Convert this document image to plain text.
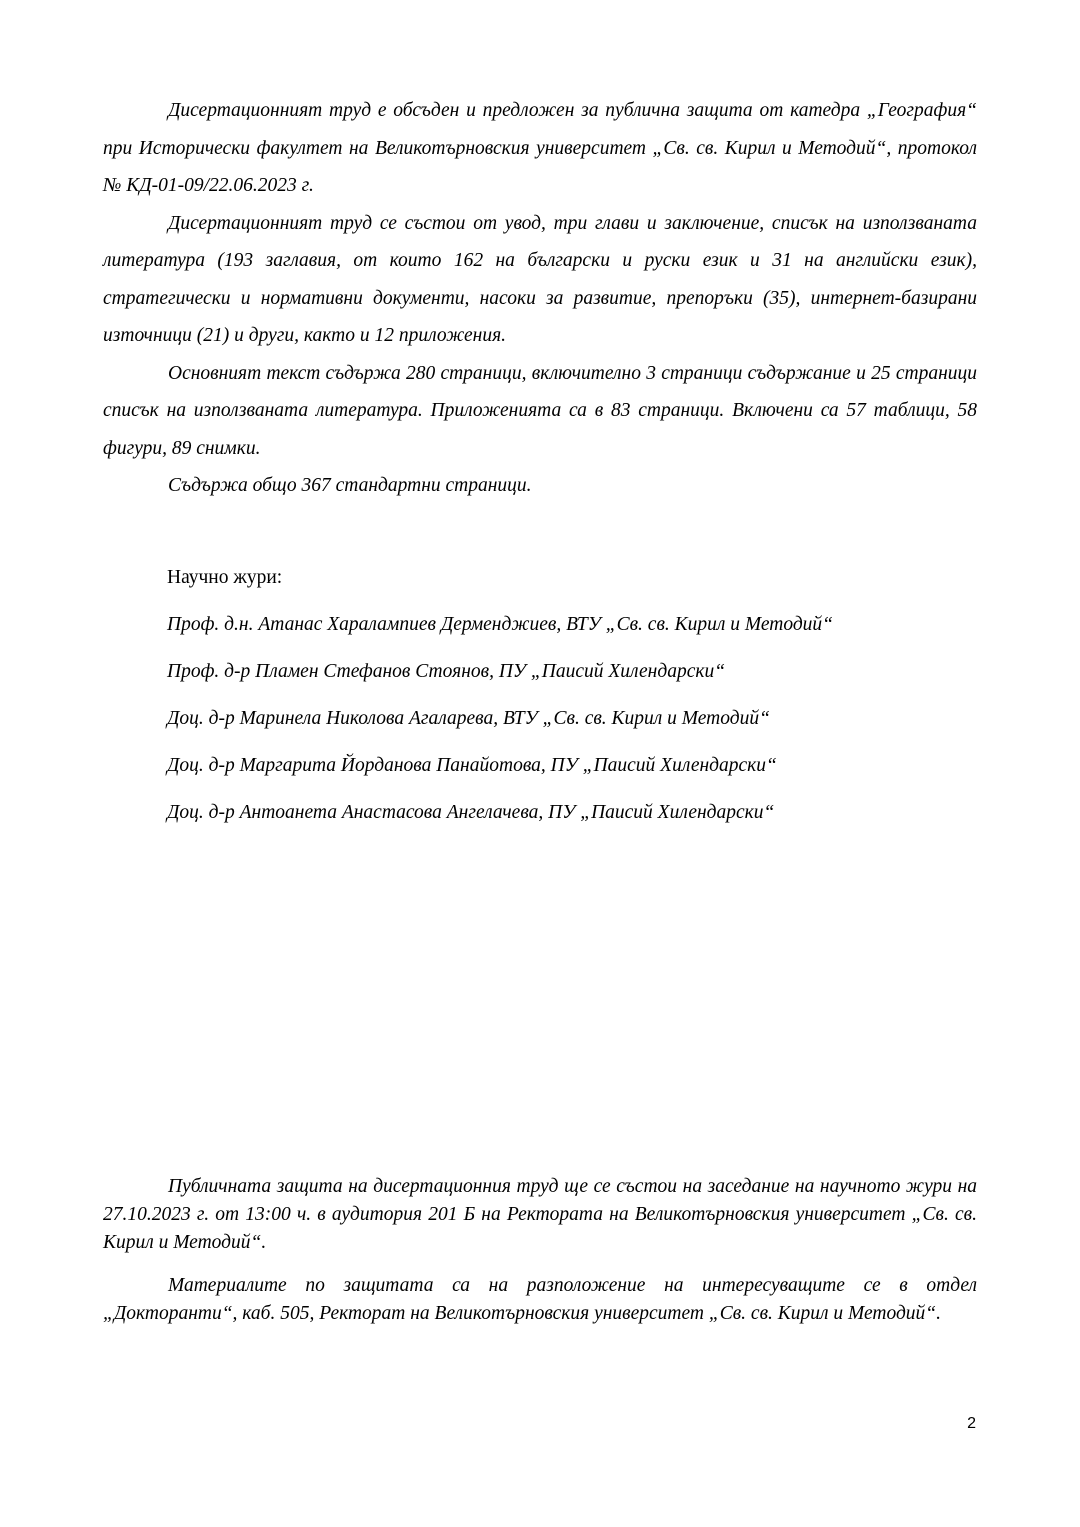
Дисертационният труд е обсъден и предложен за публична защита от катедра „География“ при Исторически факултет на Великотърновския университет „Св. св. Кирил и Методий“, протокол № КД-01-09/22.06.2023 г.

Дисертационният труд се състои от увод, три глави и заключение, списък на използваната литература (193 заглавия, от които 162 на български и руски език и 31 на английски език), стратегически и нормативни документи, насоки за развитие, препоръки (35), интернет-базирани източници (21) и други, както и 12 приложения.

Основният текст съдържа 280 страници, включително 3 страници съдържание и 25 страници списък на използваната литература. Приложенията са в 83 страници. Включени са 57 таблици, 58 фигури, 89 снимки.

Съдържа общо 367 стандартни страници.

Научно жури:

Проф. д.н. Атанас Харалампиев Дерменджиев, ВТУ „Св. св. Кирил и Методий“
Проф. д-р Пламен Стефанов Стоянов, ПУ „Паисий Хилендарски“
Доц. д-р Маринела Николова Агаларева, ВТУ „Св. св. Кирил и Методий“
Доц. д-р Маргарита Йорданова Панайотова, ПУ „Паисий Хилендарски“
Доц. д-р Антоанета Анастасова Ангелачева, ПУ „Паисий Хилендарски“

Публичната защита на дисертационния труд ще се състои на заседание на научното жури на 27.10.2023 г. от 13:00 ч. в аудитория 201 Б на Ректората на Великотърновския университет „Св. св. Кирил и Методий“.

Материалите по защитата са на разположение на интересуващите се в отдел „Докторанти“, каб. 505, Ректорат на Великотърновския университет „Св. св. Кирил и Методий“.

2
